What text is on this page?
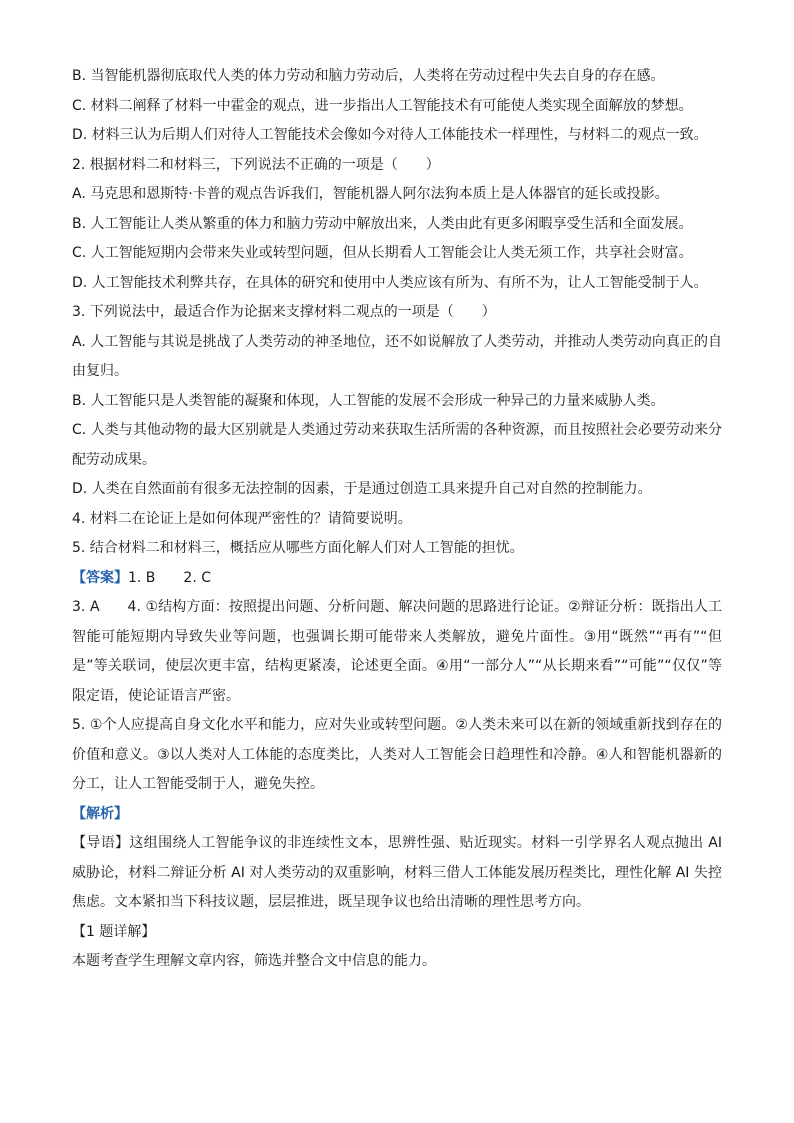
B. 当智能机器彻底取代人类的体力劳动和脑力劳动后，人类将在劳动过程中失去自身的存在感。

C. 材料二阐释了材料一中霍金的观点，进一步指出人工智能技术有可能使人类实现全面解放的梦想。

D. 材料三认为后期人们对待人工智能技术会像如今对待人工体能技术一样理性，与材料二的观点一致。

2. 根据材料二和材料三，下列说法不正确的一项是（　　）

A. 马克思和恩斯特·卡普的观点告诉我们，智能机器人阿尔法狗本质上是人体器官的延长或投影。

B. 人工智能让人类从繁重的体力和脑力劳动中解放出来，人类由此有更多闲暇享受生活和全面发展。

C. 人工智能短期内会带来失业或转型问题，但从长期看人工智能会让人类无须工作，共享社会财富。

D. 人工智能技术利弊共存，在具体的研究和使用中人类应该有所为、有所不为，让人工智能受制于人。

3. 下列说法中，最适合作为论据来支撑材料二观点的一项是（　　）

A. 人工智能与其说是挑战了人类劳动的神圣地位，还不如说解放了人类劳动，并推动人类劳动向真正的自由复归。

B. 人工智能只是人类智能的凝聚和体现，人工智能的发展不会形成一种异己的力量来威胁人类。

C. 人类与其他动物的最大区别就是人类通过劳动来获取生活所需的各种资源，而且按照社会必要劳动来分配劳动成果。

D. 人类在自然面前有很多无法控制的因素，于是通过创造工具来提升自己对自然的控制能力。

4. 材料二在论证上是如何体现严密性的？请简要说明。

5. 结合材料二和材料三，概括应从哪些方面化解人们对人工智能的担忧。

【答案】1. B 2. C

3. A 4. ①结构方面：按照提出问题、分析问题、解决问题的思路进行论证。②辩证分析：既指出人工智能可能短期内导致失业等问题，也强调长期可能带来人类解放，避免片面性。③用“既然”“再有”“但是”等关联词，使层次更丰富，结构更紧凑，论述更全面。④用“一部分人”“从长期来看”“可能”“仅仅”等限定语，使论证语言严密。

5. ①个人应提高自身文化水平和能力，应对失业或转型问题。②人类未来可以在新的领域重新找到存在的价值和意义。③以人类对人工体能的态度类比，人类对人工智能会日趋理性和冷静。④人和智能机器新的分工，让人工智能受制于人，避免失控。

【解析】

【导语】这组围绕人工智能争议的非连续性文本，思辨性强、贴近现实。材料一引学界名人观点抛出 AI 威胁论，材料二辩证分析 AI 对人类劳动的双重影响，材料三借人工体能发展历程类比，理性化解 AI 失控焦虑。文本紧扣当下科技议题，层层推进，既呈现争议也给出清晰的理性思考方向。

【1 题详解】

本题考查学生理解文章内容，筛选并整合文中信息的能力。
